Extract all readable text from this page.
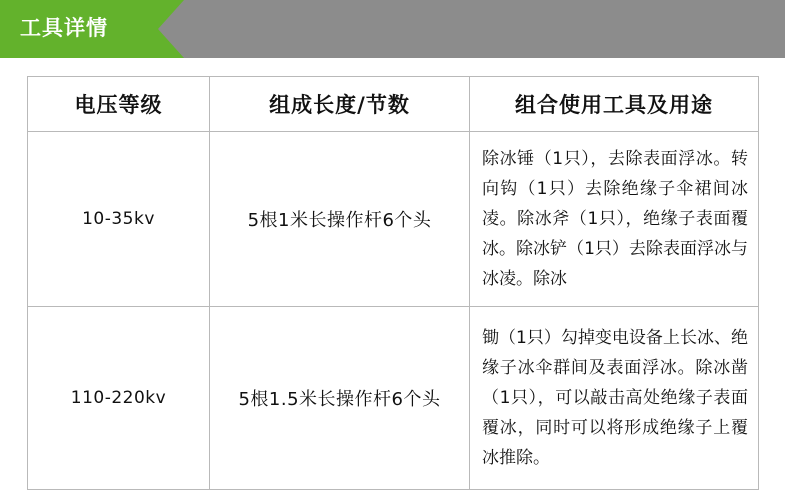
工具详情
电压等级	组成长度/节数	组合使用工具及用途
10-35kv	5根1米长操作杆6个头	除冰锤（1只），去除表面浮冰。转向钩（1只）去除绝缘子伞裙间冰凌。除冰斧（1只），绝缘子表面覆冰。除冰铲（1只）去除表面浮冰与冰凌。除冰
110-220kv	5根1.5米长操作杆6个头	锄（1只）勾掉变电设备上长冰、绝缘子冰伞群间及表面浮冰。除冰凿（1只），可以敲击高处绝缘子表面覆冰，同时可以将形成绝缘子上覆冰推除。
